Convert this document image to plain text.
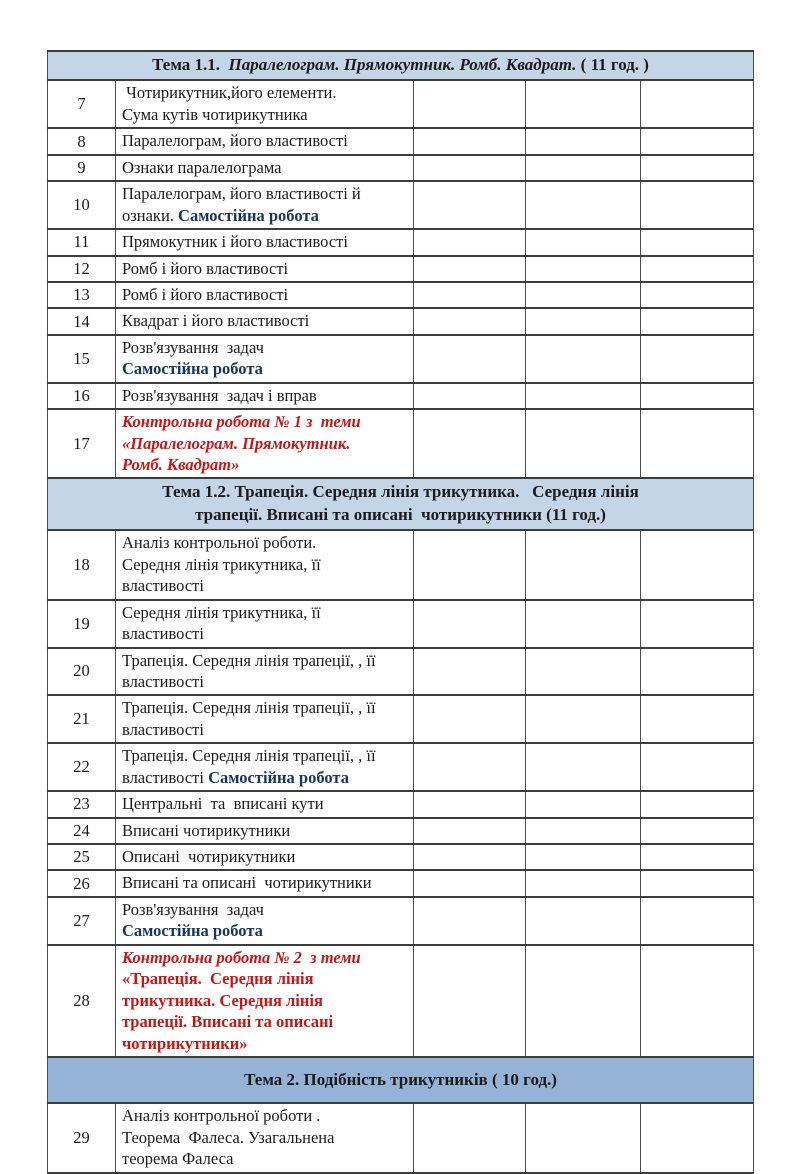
Тема 1.1.  Паралелограм. Прямокутник. Ромб. Квадрат. ( 11 год. )				

7	Чотирикутник,його елементи.
Сума кутів чотирикутника			

8	Паралелограм, його властивості			

9	Ознаки паралелограма			

10	Паралелограм, його властивості й
ознаки. Самостійна робота			

11	Прямокутник і його властивості			

12	Ромб і його властивості			

13	Ромб і його властивості			

14	Квадрат і його властивості			

15	Розв'язування  задач
Самостійна робота			

16	Розв'язування  задач і вправ			

17	Контрольна робота № 1 з  теми
«Паралелограм. Прямокутник.
Ромб. Квадрат»			

Тема 1.2. Трапеція. Середня лінія трикутника.   Середня лінія
трапеції. Вписані та описані  чотирикутники (11 год.)				

18	Аналіз контрольної роботи.
Середня лінія трикутника, її
властивості			

19	Середня лінія трикутника, її
властивості			

20	Трапеція. Середня лінія трапеції, , її
властивості			

21	Трапеція. Середня лінія трапеції, , її
властивості			

22	Трапеція. Середня лінія трапеції, , її
властивості Самостійна робота			

23	Центральні  та  вписані кути			

24	Вписані чотирикутники			

25	Описані  чотирикутники			

26	Вписані та описані  чотирикутники			

27	Розв'язування  задач
Самостійна робота			

28	Контрольна робота № 2  з теми
«Трапеція.  Середня лінія
трикутника. Середня лінія
трапеції. Вписані та описані
чотирикутники»			

Тема 2. Подібність трикутників ( 10 год.)				

29	Аналіз контрольної роботи .
Теорема  Фалеса. Узагальнена
теорема Фалеса			
